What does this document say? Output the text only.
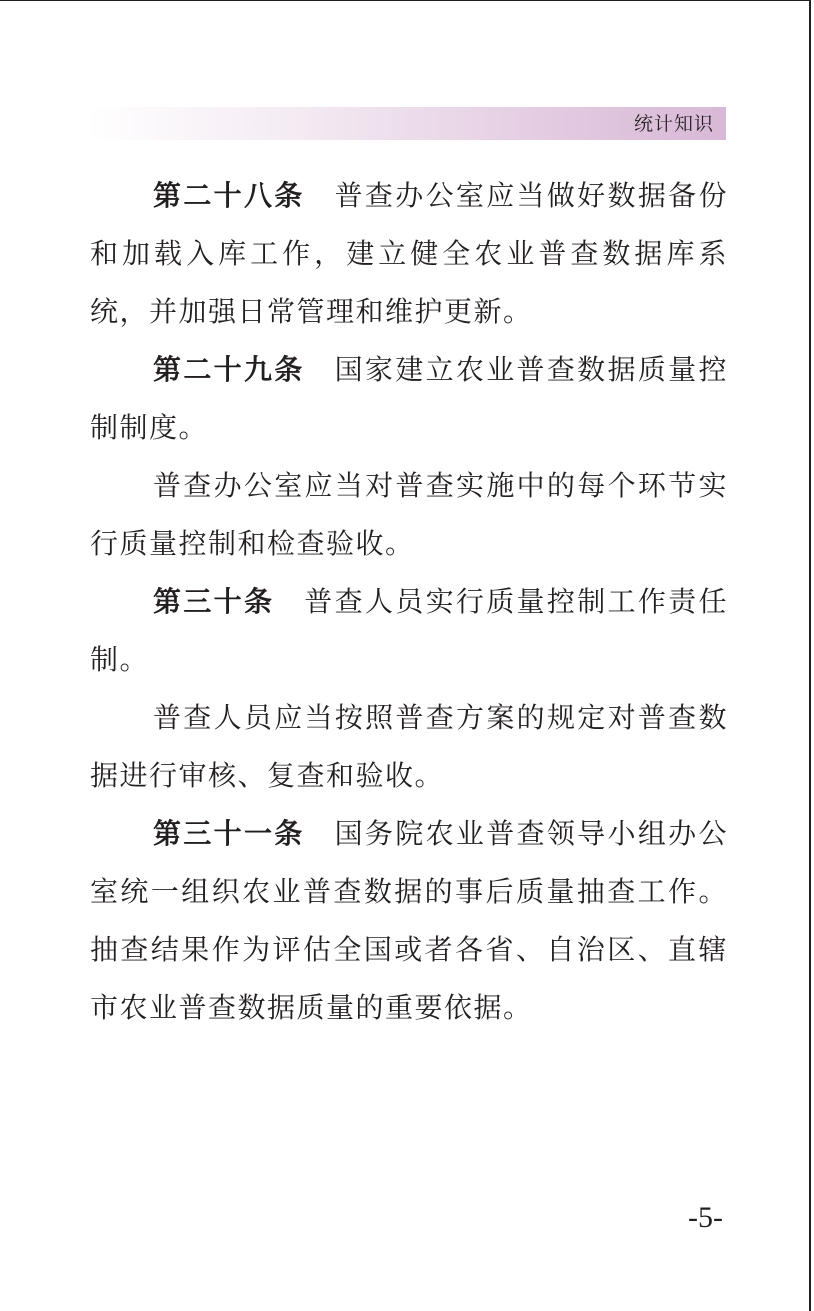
统计知识

第二十八条 普查办公室应当做好数据备份和加载入库工作，建立健全农业普查数据库系统，并加强日常管理和维护更新。

第二十九条 国家建立农业普查数据质量控制制度。

普查办公室应当对普查实施中的每个环节实行质量控制和检查验收。

第三十条 普查人员实行质量控制工作责任制。

普查人员应当按照普查方案的规定对普查数据进行审核、复查和验收。

第三十一条 国务院农业普查领导小组办公室统一组织农业普查数据的事后质量抽查工作。抽查结果作为评估全国或者各省、自治区、直辖市农业普查数据质量的重要依据。

-5-
